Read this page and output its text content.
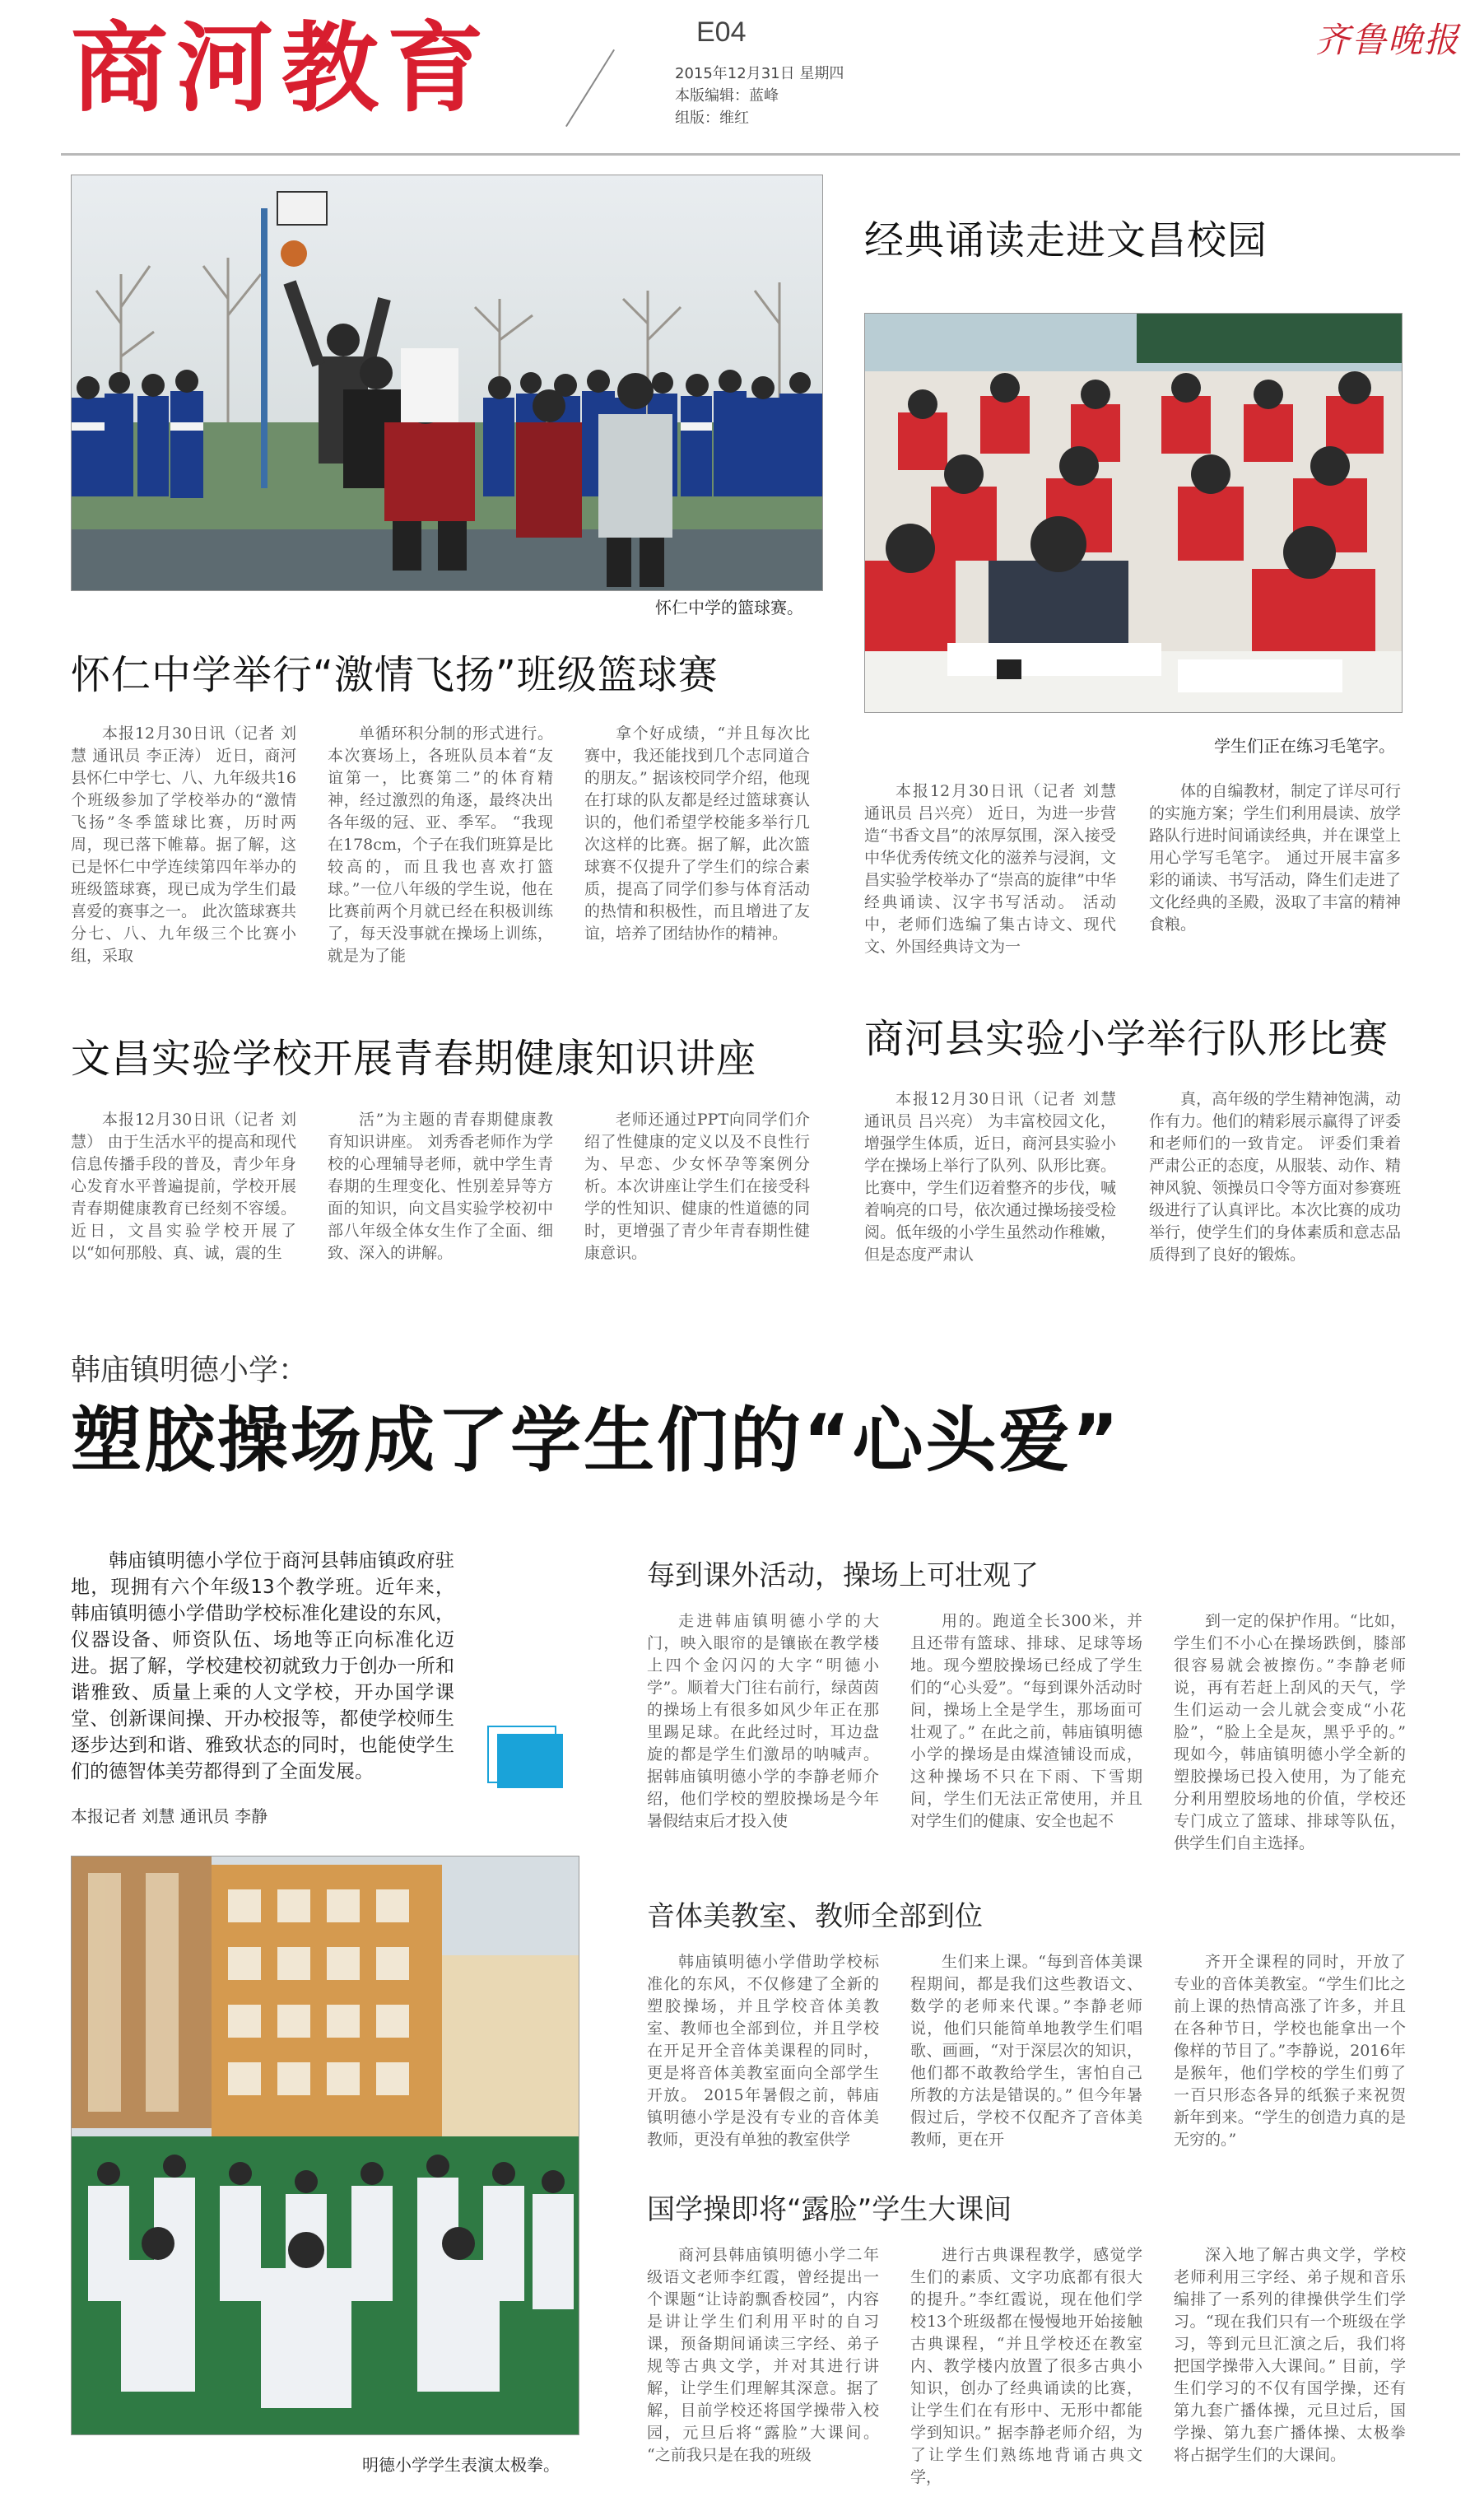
商河教育	E04
2015年12月31日 星期四
本版编辑：蓝峰
组版：维红
齐鲁晚报
怀仁中学的篮球赛。
怀仁中学举行“激情飞扬”班级篮球赛

本报12月30日讯（记者 刘慧 通讯员 李正涛） 近日，商河县怀仁中学七、八、九年级共16个班级参加了学校举办的“激情飞扬”冬季篮球比赛，历时两周，现已落下帷幕。据了解，这已是怀仁中学连续第四年举办的班级篮球赛，现已成为学生们最喜爱的赛事之一。 此次篮球赛共分七、八、九年级三个比赛小组，采取

单循环积分制的形式进行。本次赛场上，各班队员本着“友谊第一，比赛第二”的体育精神，经过激烈的角逐，最终决出各年级的冠、亚、季军。 “我现在178cm，个子在我们班算是比较高的，而且我也喜欢打篮球。”一位八年级的学生说，他在比赛前两个月就已经在积极训练了，每天没事就在操场上训练，就是为了能

拿个好成绩，“并且每次比赛中，我还能找到几个志同道合的朋友。” 据该校同学介绍，他现在打球的队友都是经过篮球赛认识的，他们希望学校能多举行几次这样的比赛。据了解，此次篮球赛不仅提升了学生们的综合素质，提高了同学们参与体育活动的热情和积极性，而且增进了友谊，培养了团结协作的精神。

经典诵读走进文昌校园
学生们正在练习毛笔字。

本报12月30日讯（记者 刘慧 通讯员 吕兴亮） 近日，为进一步营造“书香文昌”的浓厚氛围，深入接受中华优秀传统文化的滋养与浸润，文昌实验学校举办了“崇高的旋律”中华经典诵读、汉字书写活动。 活动中，老师们选编了集古诗文、现代文、外国经典诗文为一

体的自编教材，制定了详尽可行的实施方案；学生们利用晨读、放学路队行进时间诵读经典，并在课堂上用心学写毛笔字。 通过开展丰富多彩的诵读、书写活动，降生们走进了文化经典的圣殿，汲取了丰富的精神食粮。

文昌实验学校开展青春期健康知识讲座

本报12月30日讯（记者 刘慧） 由于生活水平的提高和现代信息传播手段的普及，青少年身心发育水平普遍提前，学校开展青春期健康教育已经刻不容缓。近日，文昌实验学校开展了以“如何那般、真、诚，震的生

活”为主题的青春期健康教育知识讲座。 刘秀香老师作为学校的心理辅导老师，就中学生青春期的生理变化、性别差异等方面的知识，向文昌实验学校初中部八年级全体女生作了全面、细致、深入的讲解。

老师还通过PPT向同学们介绍了性健康的定义以及不良性行为、早恋、少女怀孕等案例分析。本次讲座让学生们在接受科学的性知识、健康的性道德的同时，更增强了青少年青春期性健康意识。

商河县实验小学举行队形比赛

本报12月30日讯（记者 刘慧 通讯员 吕兴亮） 为丰富校园文化，增强学生体质，近日，商河县实验小学在操场上举行了队列、队形比赛。 比赛中，学生们迈着整齐的步伐，喊着响亮的口号，依次通过操场接受检阅。低年级的小学生虽然动作稚嫩，但是态度严肃认

真，高年级的学生精神饱满，动作有力。他们的精彩展示赢得了评委和老师们的一致肯定。 评委们秉着严肃公正的态度，从服装、动作、精神风貌、领操员口令等方面对参赛班级进行了认真评比。本次比赛的成功举行，使学生们的身体素质和意志品质得到了良好的锻炼。

韩庙镇明德小学：
塑胶操场成了学生们的“心头爱”

韩庙镇明德小学位于商河县韩庙镇政府驻地，现拥有六个年级13个教学班。近年来，韩庙镇明德小学借助学校标准化建设的东风，仪器设备、师资队伍、场地等正向标准化迈进。据了解，学校建校初就致力于创办一所和谐雅致、质量上乘的人文学校，开办国学课堂、创新课间操、开办校报等，都使学校师生逐步达到和谐、雅致状态的同时，也能使学生们的德智体美劳都得到了全面发展。

本报记者 刘慧 通讯员 李静
明德小学学生表演太极拳。
每到课外活动，操场上可壮观了

走进韩庙镇明德小学的大门，映入眼帘的是镶嵌在教学楼上四个金闪闪的大字“明德小学”。顺着大门往右前行，绿茵茵的操场上有很多如风少年正在那里踢足球。在此经过时，耳边盘旋的都是学生们激昂的呐喊声。 据韩庙镇明德小学的李静老师介绍，他们学校的塑胶操场是今年暑假结束后才投入使

用的。跑道全长300米，并且还带有篮球、排球、足球等场地。现今塑胶操场已经成了学生们的“心头爱”。“每到课外活动时间，操场上全是学生，那场面可壮观了。” 在此之前，韩庙镇明德小学的操场是由煤渣铺设而成，这种操场不只在下雨、下雪期间，学生们无法正常使用，并且对学生们的健康、安全也起不

到一定的保护作用。“比如，学生们不小心在操场跌倒，膝部很容易就会被擦伤。”李静老师说，再有若赶上刮风的天气，学生们运动一会儿就会变成“小花脸”，“脸上全是灰，黑乎乎的。” 现如今，韩庙镇明德小学全新的塑胶操场已投入使用，为了能充分利用塑胶场地的价值，学校还专门成立了篮球、排球等队伍，供学生们自主选择。

音体美教室、教师全部到位

韩庙镇明德小学借助学校标准化的东风，不仅修建了全新的塑胶操场，并且学校音体美教室、教师也全部到位，并且学校在开足开全音体美课程的同时，更是将音体美教室面向全部学生开放。 2015年暑假之前，韩庙镇明德小学是没有专业的音体美教师，更没有单独的教室供学

生们来上课。“每到音体美课程期间，都是我们这些教语文、数学的老师来代课。”李静老师说，他们只能简单地教学生们唱歌、画画，“对于深层次的知识，他们都不敢教给学生，害怕自己所教的方法是错误的。” 但今年暑假过后，学校不仅配齐了音体美教师，更在开

齐开全课程的同时，开放了专业的音体美教室。“学生们比之前上课的热情高涨了许多，并且在各种节日，学校也能拿出一个像样的节目了。”李静说，2016年是猴年，他们学校的学生们剪了一百只形态各异的纸猴子来祝贺新年到来。“学生的创造力真的是无穷的。”

国学操即将“露脸”学生大课间

商河县韩庙镇明德小学二年级语文老师李红霞，曾经提出一个课题“让诗韵飘香校园”，内容是讲让学生们利用平时的自习课，预备期间诵读三字经、弟子规等古典文学，并对其进行讲解，让学生们理解其深意。据了解，目前学校还将国学操带入校园，元旦后将“露脸”大课间。 “之前我只是在我的班级

进行古典课程教学，感觉学生们的素质、文字功底都有很大的提升。”李红霞说，现在他们学校13个班级都在慢慢地开始接触古典课程，“并且学校还在教室内、教学楼内放置了很多古典小知识，创办了经典诵读的比赛，让学生们在有形中、无形中都能学到知识。” 据李静老师介绍，为了让学生们熟练地背诵古典文学，

深入地了解古典文学，学校老师利用三字经、弟子规和音乐编排了一系列的律操供学生们学习。“现在我们只有一个班级在学习，等到元旦汇演之后，我们将把国学操带入大课间。” 目前，学生们学习的不仅有国学操，还有第九套广播体操，元旦过后，国学操、第九套广播体操、太极拳将占据学生们的大课间。
